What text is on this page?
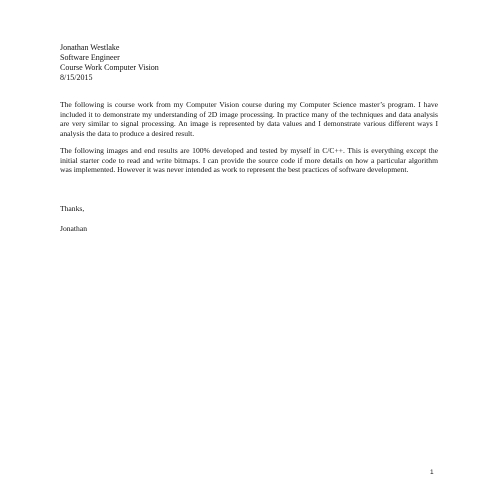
Jonathan Westlake
Software Engineer
Course Work Computer Vision
8/15/2015
The following is course work from my Computer Vision course during my Computer Science master’s program. I have included it to demonstrate my understanding of 2D image processing. In practice many of the techniques and data analysis are very similar to signal processing. An image is represented by data values and I demonstrate various different ways I analysis the data to produce a desired result.
The following images and end results are 100% developed and tested by myself in C/C++. This is everything except the initial starter code to read and write bitmaps. I can provide the source code if more details on how a particular algorithm was implemented. However it was never intended as work to represent the best practices of software development.
Thanks,
Jonathan
1
